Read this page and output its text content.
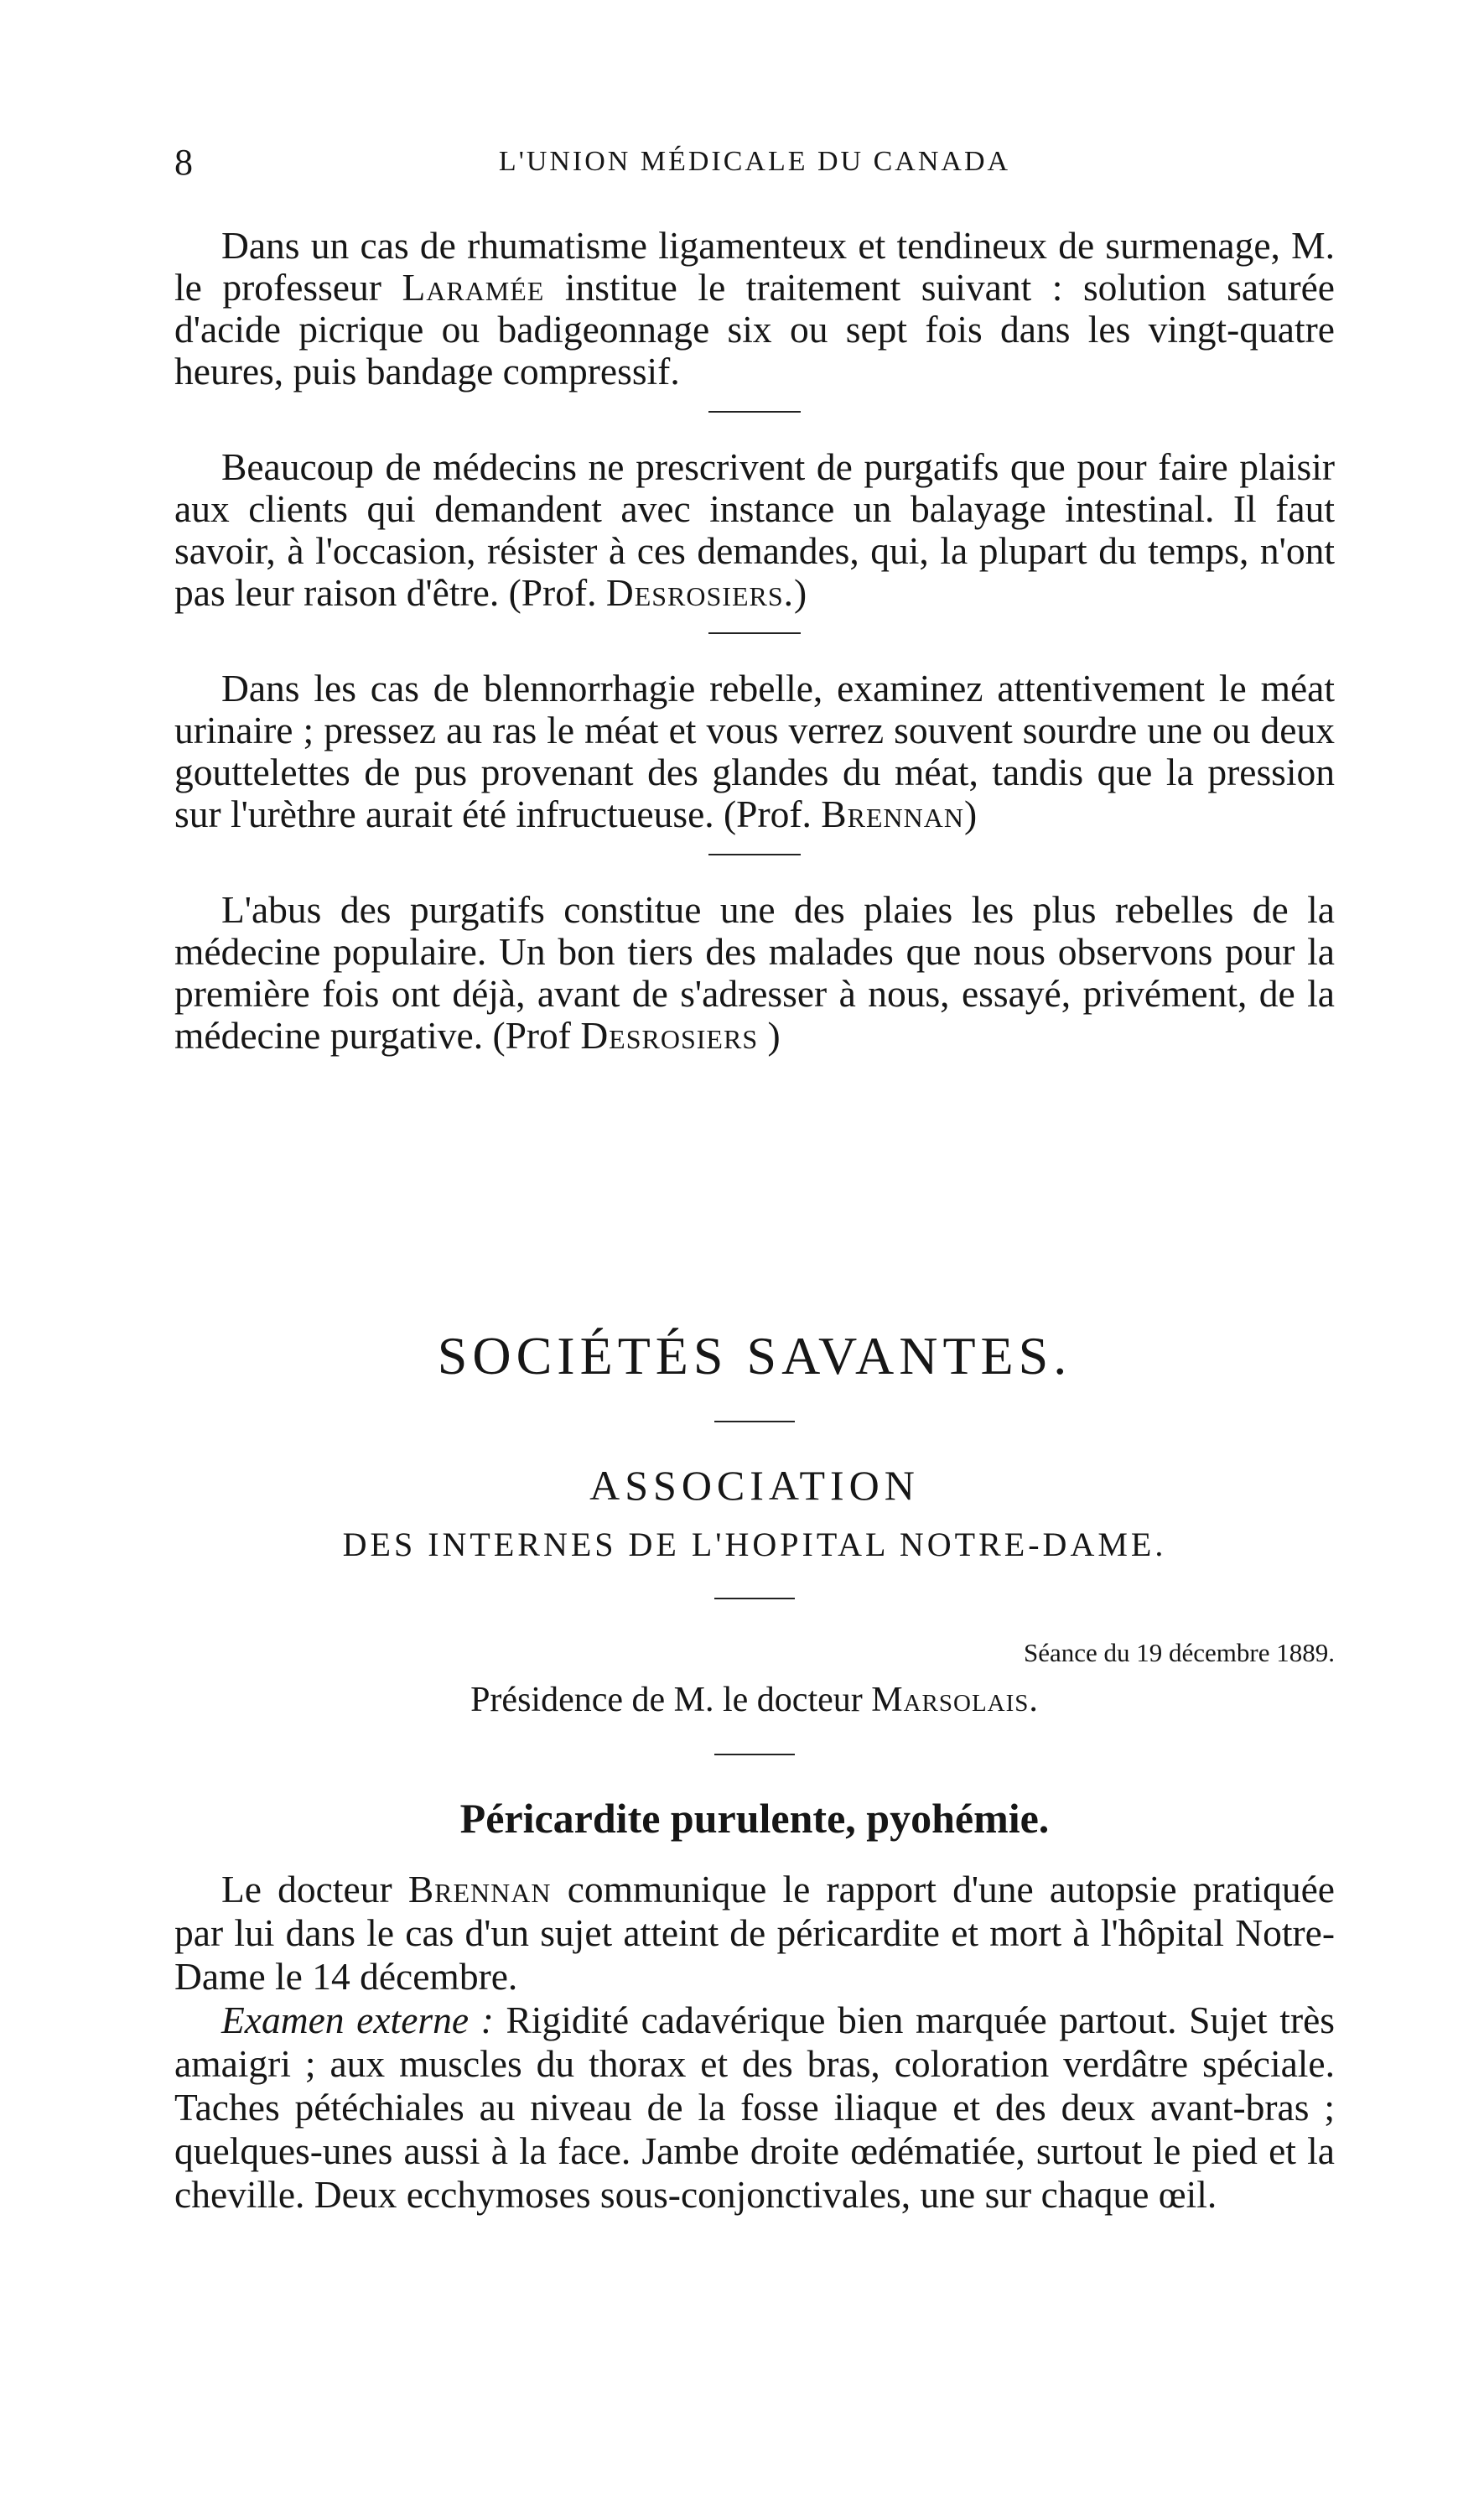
8	L'UNION MÉDICALE DU CANADA

Dans un cas de rhumatisme ligamenteux et tendineux de surmenage, M. le professeur Laramée institue le traitement suivant : solution saturée d'acide picrique ou badigeonnage six ou sept fois dans les vingt-quatre heures, puis bandage compressif.

Beaucoup de médecins ne prescrivent de purgatifs que pour faire plaisir aux clients qui demandent avec instance un balayage intestinal. Il faut savoir, à l'occasion, résister à ces demandes, qui, la plupart du temps, n'ont pas leur raison d'être. (Prof. Desrosiers.)

Dans les cas de blennorrhagie rebelle, examinez attentivement le méat urinaire ; pressez au ras le méat et vous verrez souvent sourdre une ou deux gouttelettes de pus provenant des glandes du méat, tandis que la pression sur l'urèthre aurait été infructueuse. (Prof. Brennan)

L'abus des purgatifs constitue une des plaies les plus rebelles de la médecine populaire. Un bon tiers des malades que nous observons pour la première fois ont déjà, avant de s'adresser à nous, essayé, privément, de la médecine purgative. (Prof Desrosiers )

SOCIÉTÉS SAVANTES.
ASSOCIATION
DES INTERNES DE L'HOPITAL NOTRE-DAME.

Séance du 19 décembre 1889.

Présidence de M. le docteur Marsolais.

Péricardite purulente, pyohémie.

Le docteur Brennan communique le rapport d'une autopsie pratiquée par lui dans le cas d'un sujet atteint de péricardite et mort à l'hôpital Notre-Dame le 14 décembre.

Examen externe : Rigidité cadavérique bien marquée partout. Sujet très amaigri ; aux muscles du thorax et des bras, coloration verdâtre spéciale. Taches pétéchiales au niveau de la fosse iliaque et des deux avant-bras ; quelques-unes aussi à la face. Jambe droite œdématiée, surtout le pied et la cheville. Deux ecchymoses sous-conjonctivales, une sur chaque œil.
